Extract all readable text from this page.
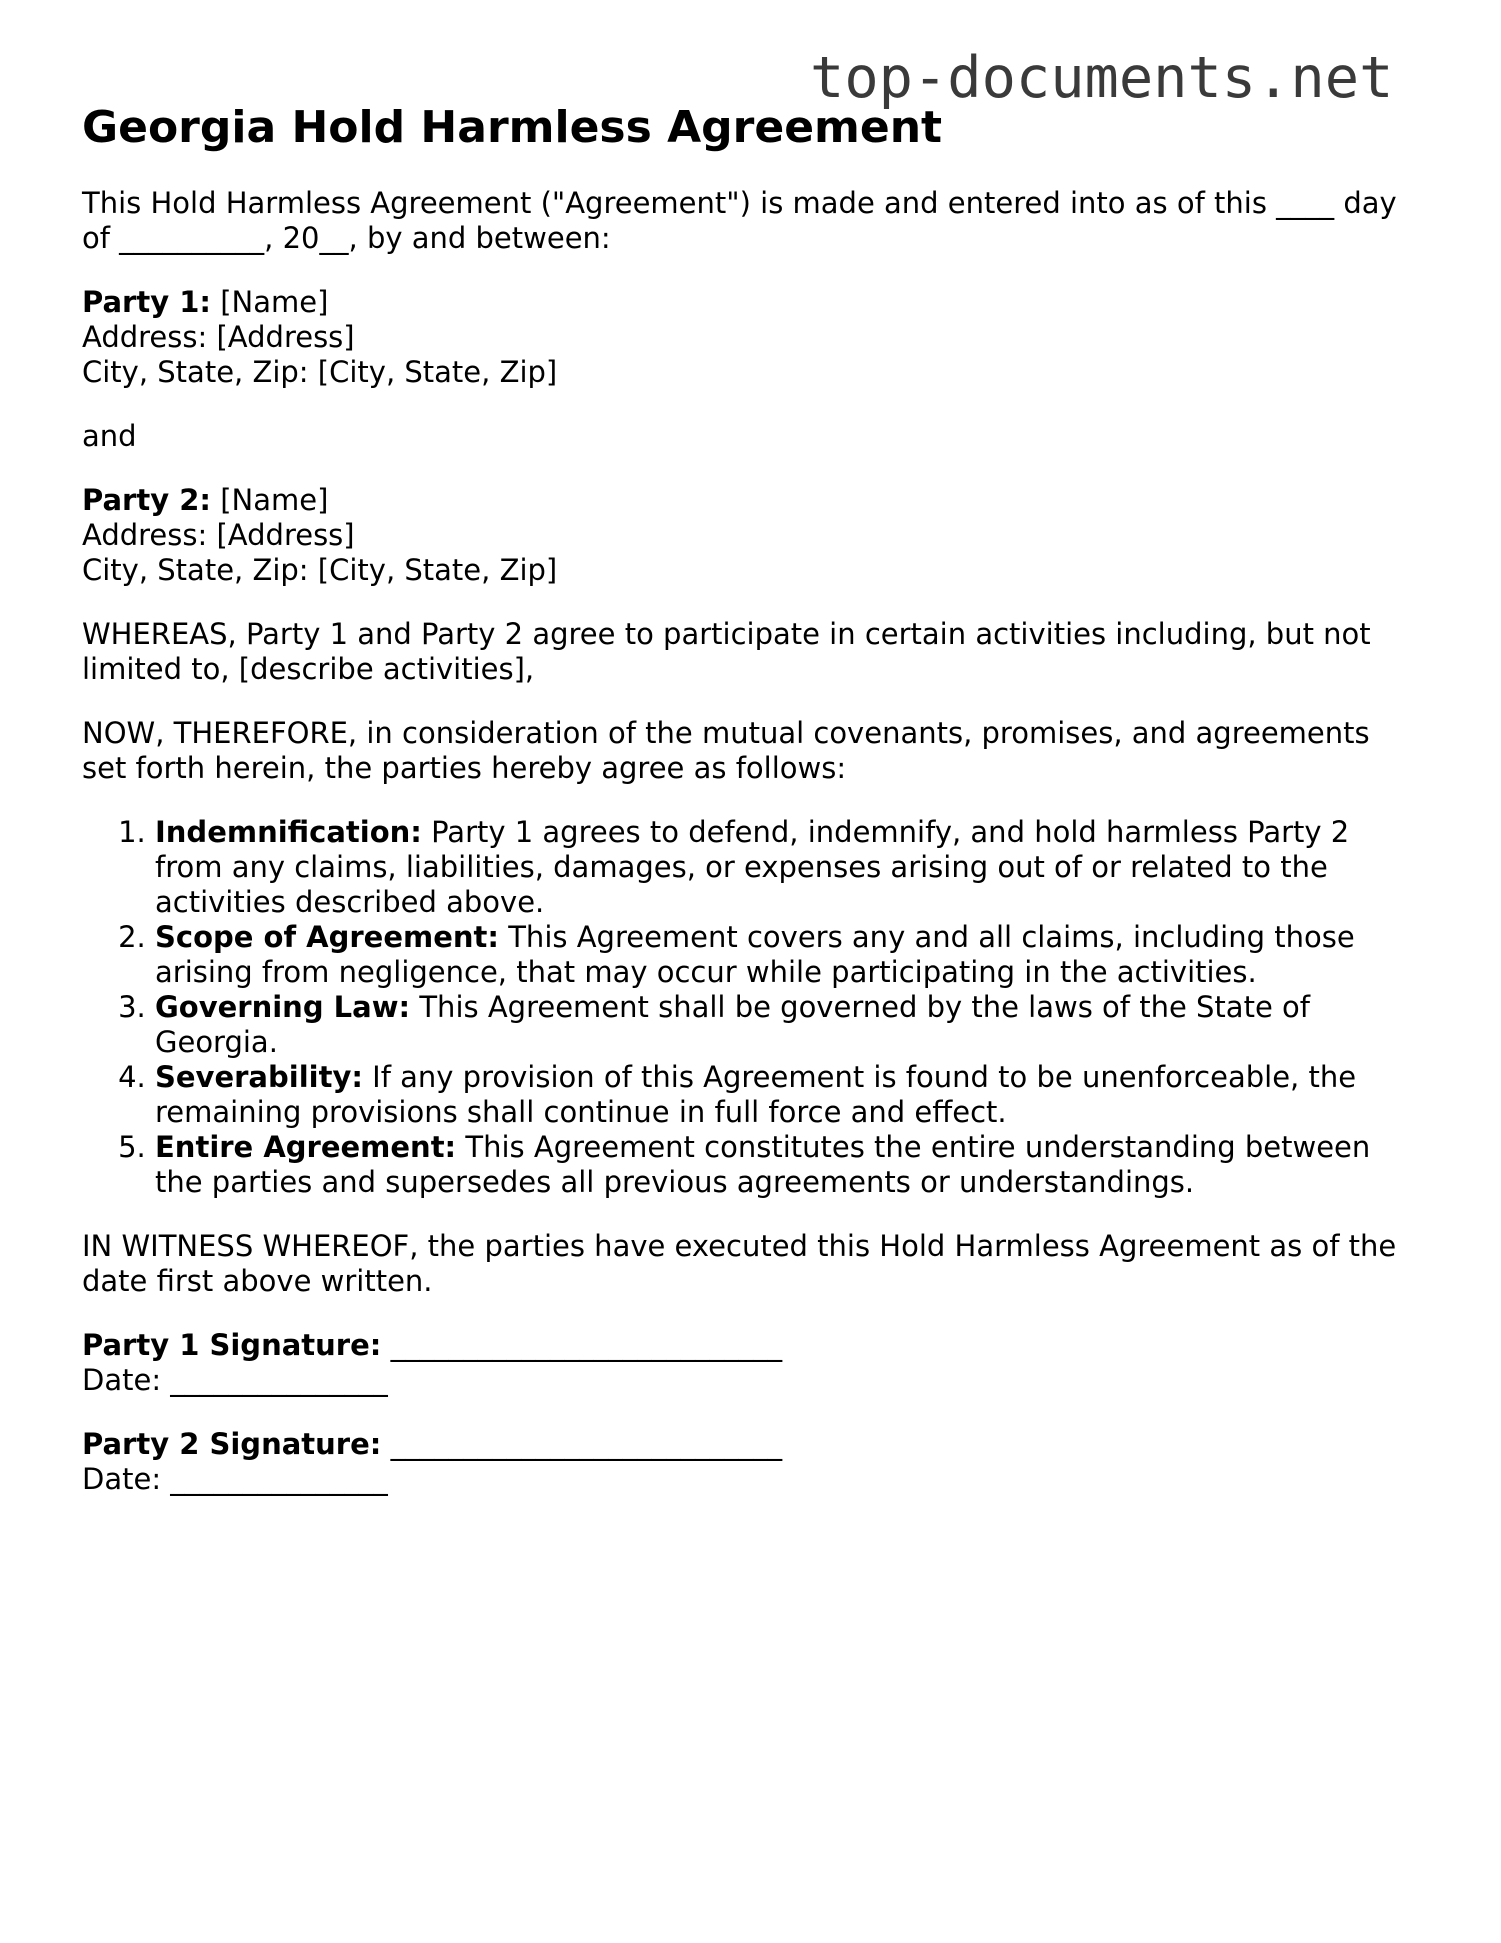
top-documents.net
Georgia Hold Harmless Agreement

This Hold Harmless Agreement ("Agreement") is made and entered into as of this ____ day
of __________, 20__, by and between:

Party 1: [Name]
Address: [Address]
City, State, Zip: [City, State, Zip]

and

Party 2: [Name]
Address: [Address]
City, State, Zip: [City, State, Zip]

WHEREAS, Party 1 and Party 2 agree to participate in certain activities including, but not
limited to, [describe activities],

NOW, THEREFORE, in consideration of the mutual covenants, promises, and agreements
set forth herein, the parties hereby agree as follows:

1. Indemnification: Party 1 agrees to defend, indemnify, and hold harmless Party 2
from any claims, liabilities, damages, or expenses arising out of or related to the
activities described above.
2. Scope of Agreement: This Agreement covers any and all claims, including those
arising from negligence, that may occur while participating in the activities.
3. Governing Law: This Agreement shall be governed by the laws of the State of
Georgia.
4. Severability: If any provision of this Agreement is found to be unenforceable, the
remaining provisions shall continue in full force and effect.
5. Entire Agreement: This Agreement constitutes the entire understanding between
the parties and supersedes all previous agreements or understandings.

IN WITNESS WHEREOF, the parties have executed this Hold Harmless Agreement as of the
date first above written.

Party 1 Signature: ___________________________
Date: _______________

Party 2 Signature: ___________________________
Date: _______________
